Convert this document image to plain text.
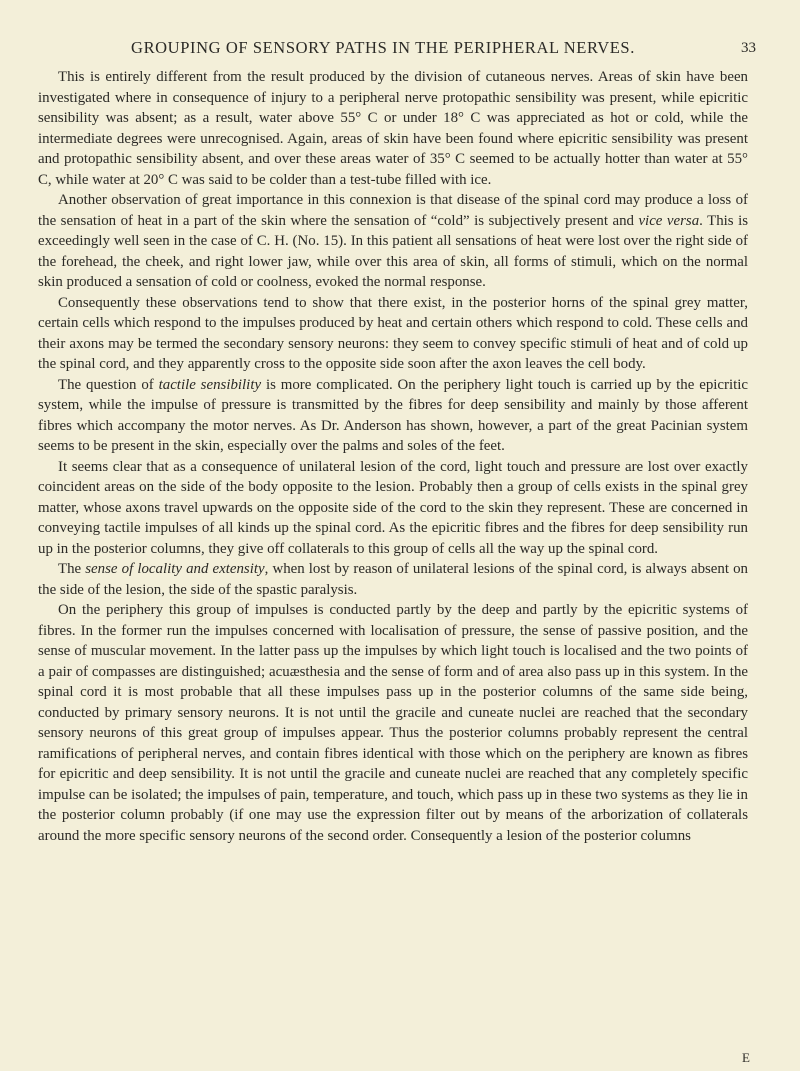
GROUPING OF SENSORY PATHS IN THE PERIPHERAL NERVES.	33

This is entirely different from the result produced by the division of cutaneous nerves. Areas of skin have been investigated where in consequence of injury to a peripheral nerve protopathic sensibility was present, while epicritic sensibility was absent; as a result, water above 55° C or under 18° C was appreciated as hot or cold, while the intermediate degrees were unrecognised. Again, areas of skin have been found where epicritic sensibility was present and protopathic sensibility absent, and over these areas water of 35° C seemed to be actually hotter than water at 55° C, while water at 20° C was said to be colder than a test-tube filled with ice.

Another observation of great importance in this connexion is that disease of the spinal cord may produce a loss of the sensation of heat in a part of the skin where the sensation of “cold” is subjectively present and vice versa. This is exceedingly well seen in the case of C. H. (No. 15). In this patient all sensations of heat were lost over the right side of the forehead, the cheek, and right lower jaw, while over this area of skin, all forms of stimuli, which on the normal skin produced a sensation of cold or coolness, evoked the normal response.

Consequently these observations tend to show that there exist, in the posterior horns of the spinal grey matter, certain cells which respond to the impulses produced by heat and certain others which respond to cold. These cells and their axons may be termed the secondary sensory neurons: they seem to convey specific stimuli of heat and of cold up the spinal cord, and they apparently cross to the opposite side soon after the axon leaves the cell body.

The question of tactile sensibility is more complicated. On the periphery light touch is carried up by the epicritic system, while the impulse of pressure is transmitted by the fibres for deep sensibility and mainly by those afferent fibres which accompany the motor nerves. As Dr. Anderson has shown, however, a part of the great Pacinian system seems to be present in the skin, especially over the palms and soles of the feet.

It seems clear that as a consequence of unilateral lesion of the cord, light touch and pressure are lost over exactly coincident areas on the side of the body opposite to the lesion. Probably then a group of cells exists in the spinal grey matter, whose axons travel upwards on the opposite side of the cord to the skin they represent. These are concerned in conveying tactile impulses of all kinds up the spinal cord. As the epicritic fibres and the fibres for deep sensibility run up in the posterior columns, they give off collaterals to this group of cells all the way up the spinal cord.

The sense of locality and extensity, when lost by reason of unilateral lesions of the spinal cord, is always absent on the side of the lesion, the side of the spastic paralysis.

On the periphery this group of impulses is conducted partly by the deep and partly by the epicritic systems of fibres. In the former run the impulses concerned with localisation of pressure, the sense of passive position, and the sense of muscular movement. In the latter pass up the impulses by which light touch is localised and the two points of a pair of compasses are distinguished; acuæsthesia and the sense of form and of area also pass up in this system. In the spinal cord it is most probable that all these impulses pass up in the posterior columns of the same side being, conducted by primary sensory neurons. It is not until the gracile and cuneate nuclei are reached that the secondary sensory neurons of this great group of impulses appear. Thus the posterior columns probably represent the central ramifications of peripheral nerves, and contain fibres identical with those which on the periphery are known as fibres for epicritic and deep sensibility. It is not until the gracile and cuneate nuclei are reached that any completely specific impulse can be isolated; the impulses of pain, temperature, and touch, which pass up in these two systems as they lie in the posterior column probably (if one may use the expression filter out by means of the arborization of collaterals around the more specific sensory neurons of the second order. Consequently a lesion of the posterior columns

E
